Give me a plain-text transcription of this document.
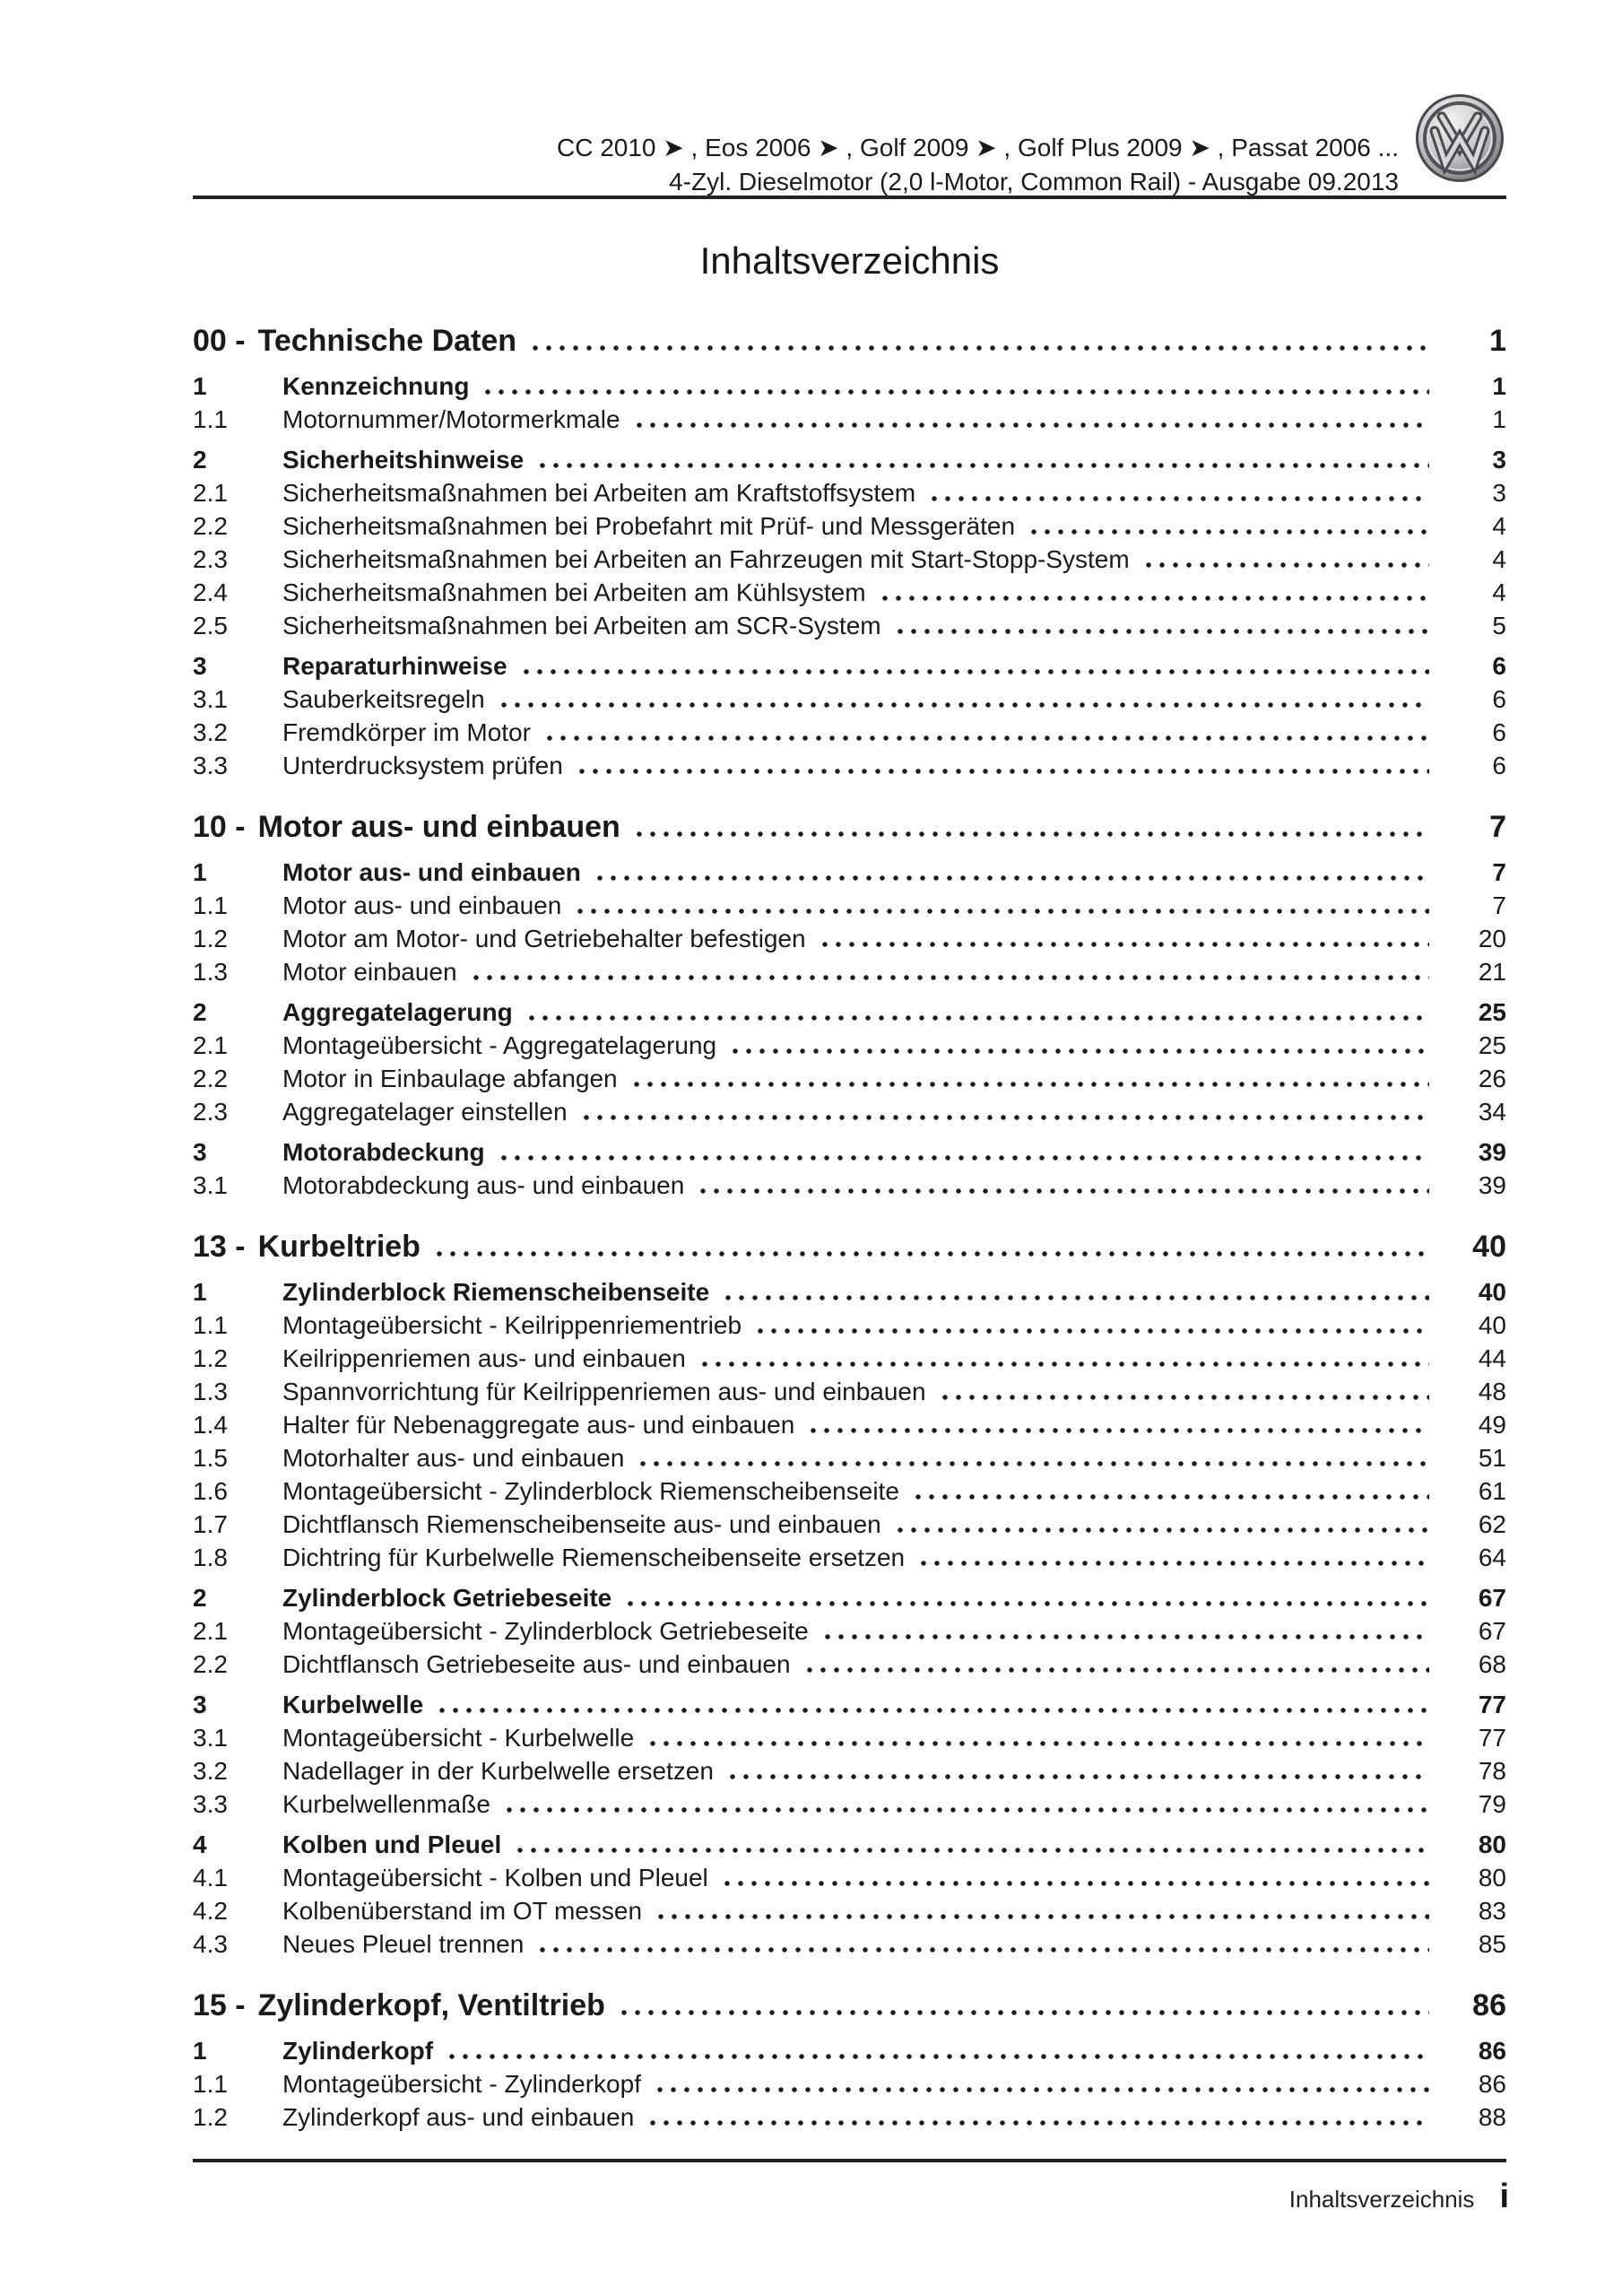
CC 2010 ➤ , Eos 2006 ➤ , Golf 2009 ➤ , Golf Plus 2009 ➤ , Passat 2006 ...
4-Zyl. Dieselmotor (2,0 l-Motor, Common Rail) - Ausgabe 09.2013
Inhaltsverzeichnis
00 - Technische Daten	1
1	Kennzeichnung	1
1.1	Motornummer/Motormerkmale	1
2	Sicherheitshinweise	3
2.1	Sicherheitsmaßnahmen bei Arbeiten am Kraftstoffsystem	3
2.2	Sicherheitsmaßnahmen bei Probefahrt mit Prüf- und Messgeräten	4
2.3	Sicherheitsmaßnahmen bei Arbeiten an Fahrzeugen mit Start-Stopp-System	4
2.4	Sicherheitsmaßnahmen bei Arbeiten am Kühlsystem	4
2.5	Sicherheitsmaßnahmen bei Arbeiten am SCR-System	5
3	Reparaturhinweise	6
3.1	Sauberkeitsregeln	6
3.2	Fremdkörper im Motor	6
3.3	Unterdrucksystem prüfen	6
10 - Motor aus- und einbauen	7
1	Motor aus- und einbauen	7
1.1	Motor aus- und einbauen	7
1.2	Motor am Motor- und Getriebehalter befestigen	20
1.3	Motor einbauen	21
2	Aggregatelagerung	25
2.1	Montageübersicht - Aggregatelagerung	25
2.2	Motor in Einbaulage abfangen	26
2.3	Aggregatelager einstellen	34
3	Motorabdeckung	39
3.1	Motorabdeckung aus- und einbauen	39
13 - Kurbeltrieb	40
1	Zylinderblock Riemenscheibenseite	40
1.1	Montageübersicht - Keilrippenriementrieb	40
1.2	Keilrippenriemen aus- und einbauen	44
1.3	Spannvorrichtung für Keilrippenriemen aus- und einbauen	48
1.4	Halter für Nebenaggregate aus- und einbauen	49
1.5	Motorhalter aus- und einbauen	51
1.6	Montageübersicht - Zylinderblock Riemenscheibenseite	61
1.7	Dichtflansch Riemenscheibenseite aus- und einbauen	62
1.8	Dichtring für Kurbelwelle Riemenscheibenseite ersetzen	64
2	Zylinderblock Getriebeseite	67
2.1	Montageübersicht - Zylinderblock Getriebeseite	67
2.2	Dichtflansch Getriebeseite aus- und einbauen	68
3	Kurbelwelle	77
3.1	Montageübersicht - Kurbelwelle	77
3.2	Nadellager in der Kurbelwelle ersetzen	78
3.3	Kurbelwellenmaße	79
4	Kolben und Pleuel	80
4.1	Montageübersicht - Kolben und Pleuel	80
4.2	Kolbenüberstand im OT messen	83
4.3	Neues Pleuel trennen	85
15 - Zylinderkopf, Ventiltrieb	86
1	Zylinderkopf	86
1.1	Montageübersicht - Zylinderkopf	86
1.2	Zylinderkopf aus- und einbauen	88
Inhaltsverzeichnis i
